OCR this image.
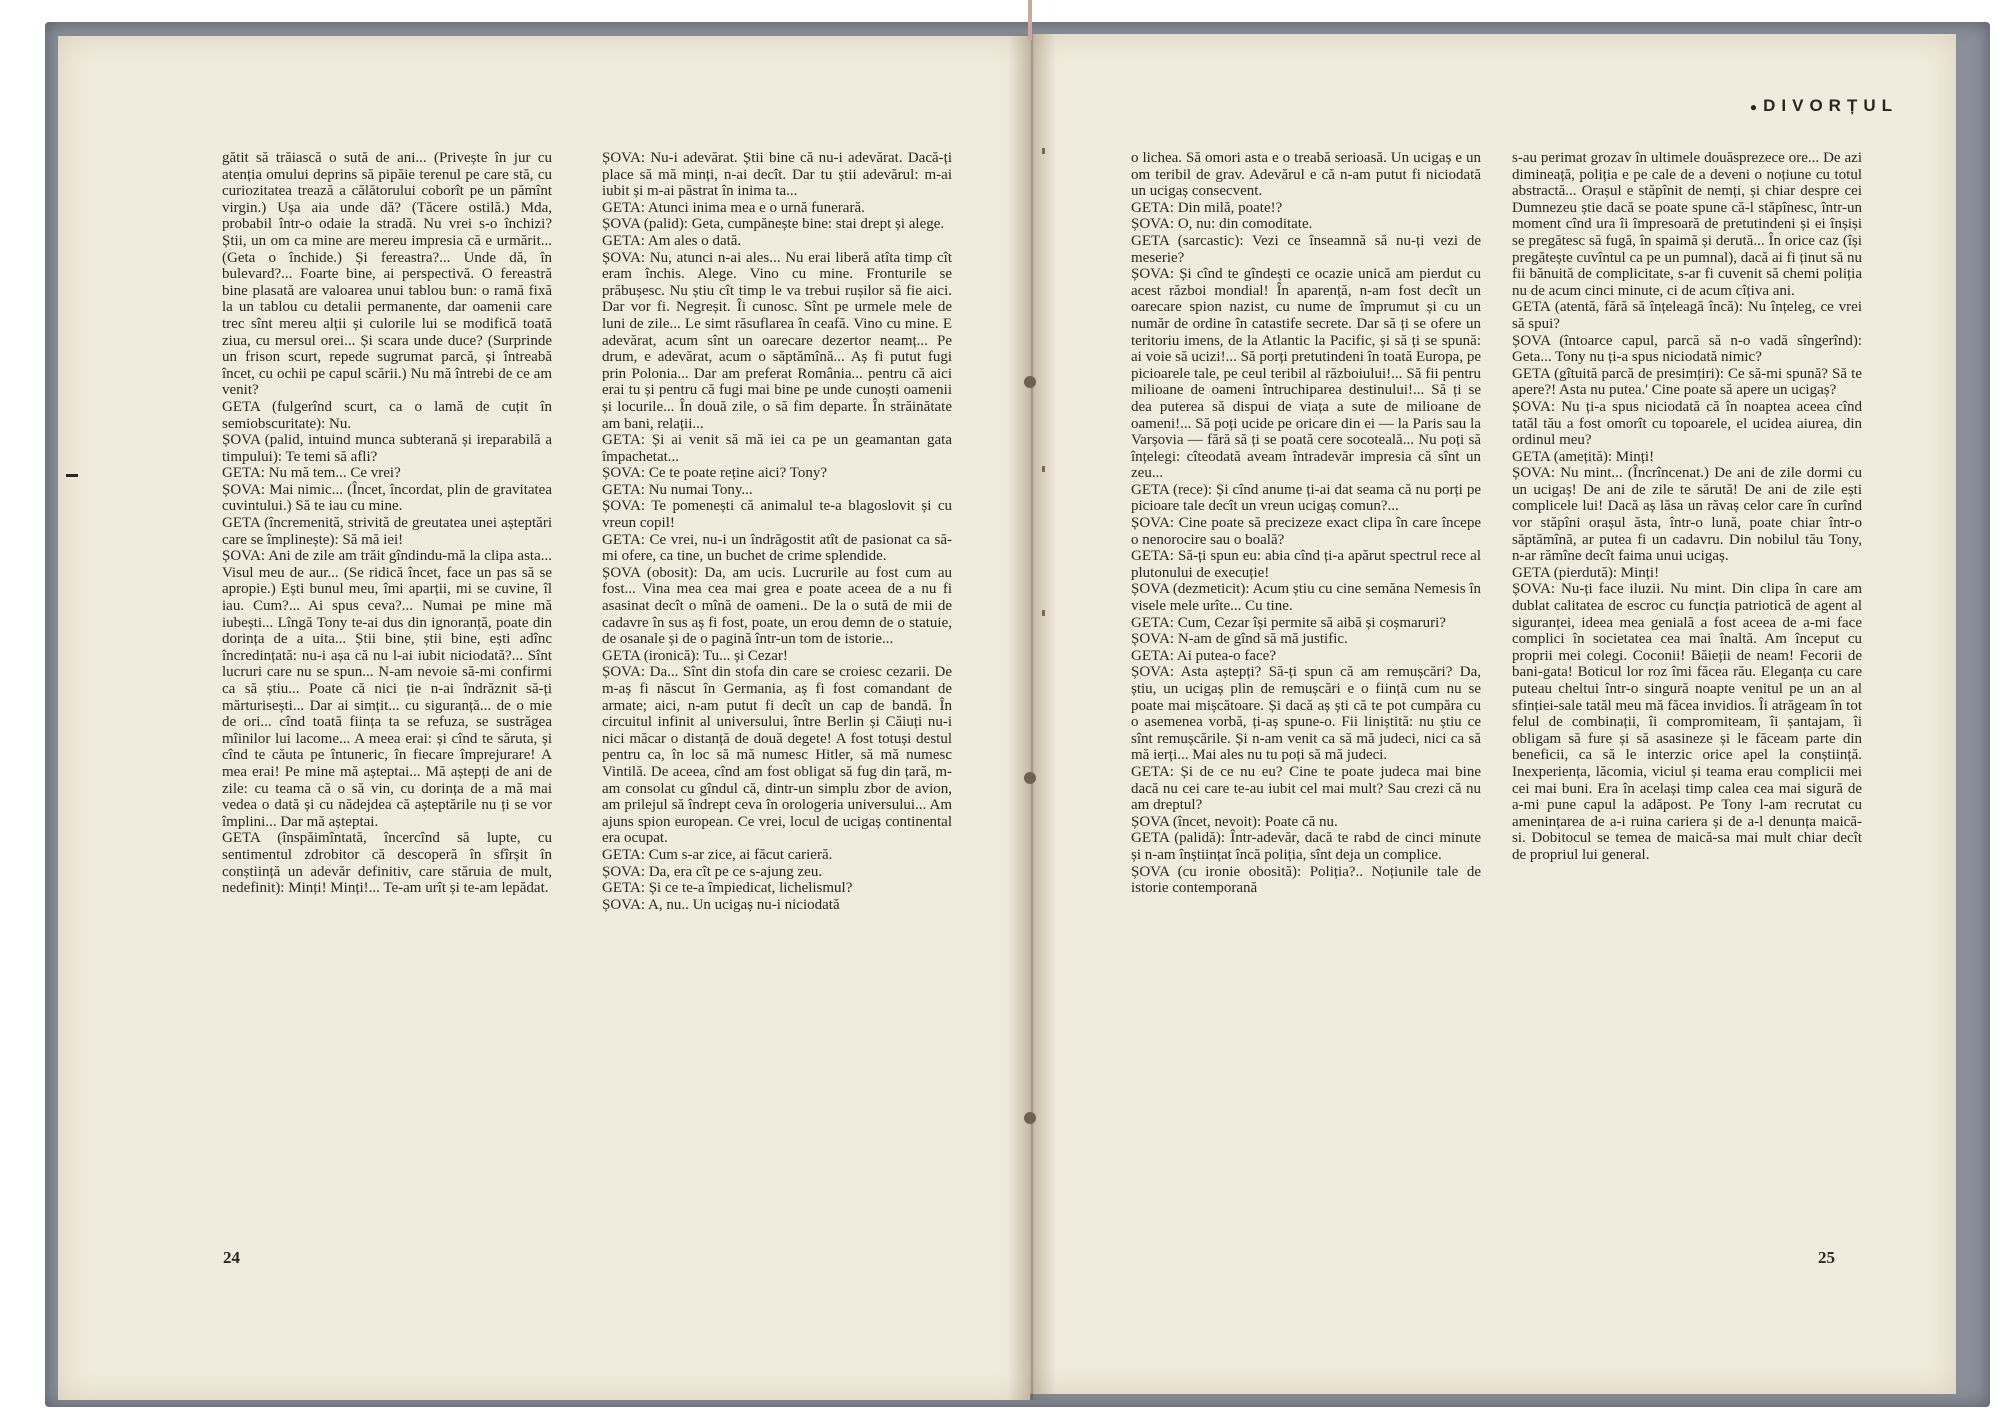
● DIVORȚUL
gătit să trăiască o sută de ani... (Privește în jur cu atenția omului deprins să pipăie terenul pe care stă, cu curiozitatea trează a călătorului coborît pe un pămînt virgin.) Ușa aia unde dă? (Tăcere ostilă.) Mda, probabil într-o odaie la stradă. Nu vrei s-o închizi? Știi, un om ca mine are mereu impresia că e urmărit... (Geta o închide.) Și fereastra?... Unde dă, în bulevard?... Foarte bine, ai perspectivă. O fereastră bine plasată are valoarea unui tablou bun: o ramă fixă la un tablou cu detalii permanente, dar oamenii care trec sînt mereu alții și culorile lui se modifică toată ziua, cu mersul orei... Și scara unde duce? (Surprinde un frison scurt, repede sugrumat parcă, și întreabă încet, cu ochii pe capul scării.) Nu mă întrebi de ce am venit?
GETA (fulgerînd scurt, ca o lamă de cuțit în semiobscuritate): Nu.
ȘOVA (palid, intuind munca subterană și ireparabilă a timpului): Te temi să afli?
GETA: Nu mă tem... Ce vrei?
ȘOVA: Mai nimic... (Încet, încordat, plin de gravitatea cuvintului.) Să te iau cu mine.
GETA (încremenită, strivită de greutatea unei așteptări care se împlinește): Să mă iei!
ȘOVA: Ani de zile am trăit gîndindu-mă la clipa asta... Visul meu de aur... (Se ridică încet, face un pas să se apropie.) Ești bunul meu, îmi aparții, mi se cuvine, îl iau. Cum?... Ai spus ceva?... Numai pe mine mă iubești... Lîngă Tony te-ai dus din ignoranță, poate din dorința de a uita... Știi bine, știi bine, ești adînc încredințată: nu-i așa că nu l-ai iubit niciodată?... Sînt lucruri care nu se spun... N-am nevoie să-mi confirmi ca să știu... Poate că nici ție n-ai îndrăznit să-ți mărturisești... Dar ai simțit... cu siguranță... de o mie de ori... cînd toată ființa ta se refuza, se sustrăgea mîinilor lui lacome... A meea erai: și cînd te săruta, și cînd te căuta pe întuneric, în fiecare împrejurare! A mea erai! Pe mine mă așteptai... Mă aștepți de ani de zile: cu teama că o să vin, cu dorința de a mă mai vedea o dată și cu nădejdea că așteptările nu ți se vor împlini... Dar mă așteptai.
GETA (înspăimîntată, încercînd să lupte, cu sentimentul zdrobitor că descoperă în sfîrșit în conștiință un adevăr definitiv, care stăruia de mult, nedefinit): Minți! Minți!... Te-am urît și te-am lepădat.
ȘOVA: Nu-i adevărat. Știi bine că nu-i adevărat. Dacă-ți place să mă minți, n-ai decît. Dar tu știi adevărul: m-ai iubit și m-ai păstrat în inima ta...
GETA: Atunci inima mea e o urnă funerară.
ȘOVA (palid): Geta, cumpănește bine: stai drept și alege.
GETA: Am ales o dată.
ȘOVA: Nu, atunci n-ai ales... Nu erai liberă atîta timp cît eram închis. Alege. Vino cu mine. Fronturile se prăbușesc. Nu știu cît timp le va trebui rușilor să fie aici. Dar vor fi. Negreșit. Îi cunosc. Sînt pe urmele mele de luni de zile... Le simt răsuflarea în ceafă. Vino cu mine. E adevărat, acum sînt un oarecare dezertor neamț... Pe drum, e adevărat, acum o săptămînă... Aș fi putut fugi prin Polonia... Dar am preferat România... pentru că aici erai tu și pentru că fugi mai bine pe unde cunoști oamenii și locurile... În două zile, o să fim departe. În străinătate am bani, relații...
GETA: Și ai venit să mă iei ca pe un geamantan gata împachetat...
ȘOVA: Ce te poate reține aici? Tony?
GETA: Nu numai Tony...
ȘOVA: Te pomenești că animalul te-a blagoslovit și cu vreun copil!
GETA: Ce vrei, nu-i un îndrăgostit atît de pasionat ca să-mi ofere, ca tine, un buchet de crime splendide.
ȘOVA (obosit): Da, am ucis. Lucrurile au fost cum au fost... Vina mea cea mai grea e poate aceea de a nu fi asasinat decît o mînă de oameni.. De la o sută de mii de cadavre în sus aș fi fost, poate, un erou demn de o statuie, de osanale și de o pagină într-un tom de istorie...
GETA (ironică): Tu... și Cezar!
ȘOVA: Da... Sînt din stofa din care se croiesc cezarii. De m-aș fi născut în Germania, aș fi fost comandant de armate; aici, n-am putut fi decît un cap de bandă. În circuitul infinit al universului, între Berlin și Căiuți nu-i nici măcar o distanță de două degete! A fost totuși destul pentru ca, în loc să mă numesc Hitler, să mă numesc Vintilă. De aceea, cînd am fost obligat să fug din țară, m-am consolat cu gîndul că, dintr-un simplu zbor de avion, am prilejul să îndrept ceva în orologeria universului... Am ajuns spion european. Ce vrei, locul de ucigaș continental era ocupat.
GETA: Cum s-ar zice, ai făcut carieră.
ȘOVA: Da, era cît pe ce s-ajung zeu.
GETA: Și ce te-a împiedicat, lichelismul?
ȘOVA: A, nu.. Un ucigaș nu-i niciodată
o lichea. Să omori asta e o treabă serioasă. Un ucigaș e un om teribil de grav. Adevărul e că n-am putut fi niciodată un ucigaș consecvent.
GETA: Din milă, poate!?
ȘOVA: O, nu: din comoditate.
GETA (sarcastic): Vezi ce înseamnă să nu-ți vezi de meserie?
ȘOVA: Și cînd te gîndești ce ocazie unică am pierdut cu acest război mondial! În aparență, n-am fost decît un oarecare spion nazist, cu nume de împrumut și cu un număr de ordine în catastife secrete. Dar să ți se ofere un teritoriu imens, de la Atlantic la Pacific, și să ți se spună: ai voie să ucizi!... Să porți pretutindeni în toată Europa, pe picioarele tale, pe ceul teribil al războiului!... Să fii pentru milioane de oameni întruchiparea destinului!... Să ți se dea puterea să dispui de viața a sute de milioane de oameni!... Să poți ucide pe oricare din ei — la Paris sau la Varșovia — fără să ți se poată cere socoteală... Nu poți să înțelegi: cîteodată aveam întradevăr impresia că sînt un zeu...
GETA (rece): Și cînd anume ți-ai dat seama că nu porți pe picioare tale decît un vreun ucigaș comun?...
ȘOVA: Cine poate să precizeze exact clipa în care începe o nenorocire sau o boală?
GETA: Să-ți spun eu: abia cînd ți-a apărut spectrul rece al plutonului de execuție!
ȘOVA (dezmeticit): Acum știu cu cine semăna Nemesis în visele mele urîte... Cu tine.
GETA: Cum, Cezar își permite să aibă și coșmaruri?
ȘOVA: N-am de gînd să mă justific.
GETA: Ai putea-o face?
ȘOVA: Asta aștepți? Să-ți spun că am remușcări? Da, știu, un ucigaș plin de remușcări e o ființă cum nu se poate mai mișcătoare. Și dacă aș ști că te pot cumpăra cu o asemenea vorbă, ți-aș spune-o. Fii liniștită: nu știu ce sînt remușcările. Și n-am venit ca să mă judeci, nici ca să mă ierți... Mai ales nu tu poți să mă judeci.
GETA: Și de ce nu eu? Cine te poate judeca mai bine dacă nu cei care te-au iubit cel mai mult? Sau crezi că nu am dreptul?
ȘOVA (încet, nevoit): Poate că nu.
GETA (palidă): Într-adevăr, dacă te rabd de cinci minute și n-am înștiințat încă poliția, sînt deja un complice.
ȘOVA (cu ironie obosită): Poliția?.. Noțiunile tale de istorie contemporană
s-au perimat grozav în ultimele douăsprezece ore... De azi dimineață, poliția e pe cale de a deveni o noțiune cu totul abstractă... Orașul e stăpînit de nemți, și chiar despre cei Dumnezeu știe dacă se poate spune că-l stăpînesc, într-un moment cînd ura îi împresoară de pretutindeni și ei înșiși se pregătesc să fugă, în spaimă și derută... În orice caz (își pregătește cuvîntul ca pe un pumnal), dacă ai fi ținut să nu fii bănuită de complicitate, s-ar fi cuvenit să chemi poliția nu de acum cinci minute, ci de acum cîțiva ani.
GETA (atentă, fără să înțeleagă încă): Nu înțeleg, ce vrei să spui?
ȘOVA (întoarce capul, parcă să n-o vadă sîngerînd): Geta... Tony nu ți-a spus niciodată nimic?
GETA (gîtuită parcă de presimțiri): Ce să-mi spună? Să te apere?! Asta nu putea.' Cine poate să apere un ucigaș?
ȘOVA: Nu ți-a spus niciodată că în noaptea aceea cînd tatăl tău a fost omorît cu topoarele, el ucidea aiurea, din ordinul meu?
GETA (amețită): Minți!
ȘOVA: Nu mint... (Încrîncenat.) De ani de zile dormi cu un ucigaș! De ani de zile te sărută! De ani de zile ești complicele lui! Dacă aș lăsa un răvaș celor care în curînd vor stăpîni orașul ăsta, într-o lună, poate chiar într-o săptămînă, ar putea fi un cadavru. Din nobilul tău Tony, n-ar rămîne decît faima unui ucigaș.
GETA (pierdută): Minți!
ȘOVA: Nu-ți face iluzii. Nu mint. Din clipa în care am dublat calitatea de escroc cu funcția patriotică de agent al siguranței, ideea mea genială a fost aceea de a-mi face complici în societatea cea mai înaltă. Am început cu proprii mei colegi. Coconii! Băieții de neam! Fecorii de bani-gata! Boticul lor roz îmi făcea rău. Eleganța cu care puteau cheltui într-o singură noapte venitul pe un an al sfinției-sale tatăl meu mă făcea invidios. Îi atrăgeam în tot felul de combinații, îi compromiteam, îi șantajam, îi obligam să fure și să asasineze și le făceam parte din beneficii, ca să le interzic orice apel la conștiință. Inexperiența, lăcomia, viciul și teama erau complicii mei cei mai buni. Era în același timp calea cea mai sigură de a-mi pune capul la adăpost. Pe Tony l-am recrutat cu amenințarea de a-i ruina cariera și de a-l denunța maică-si. Dobitocul se temea de maică-sa mai mult chiar decît de propriul lui general.
24	25
